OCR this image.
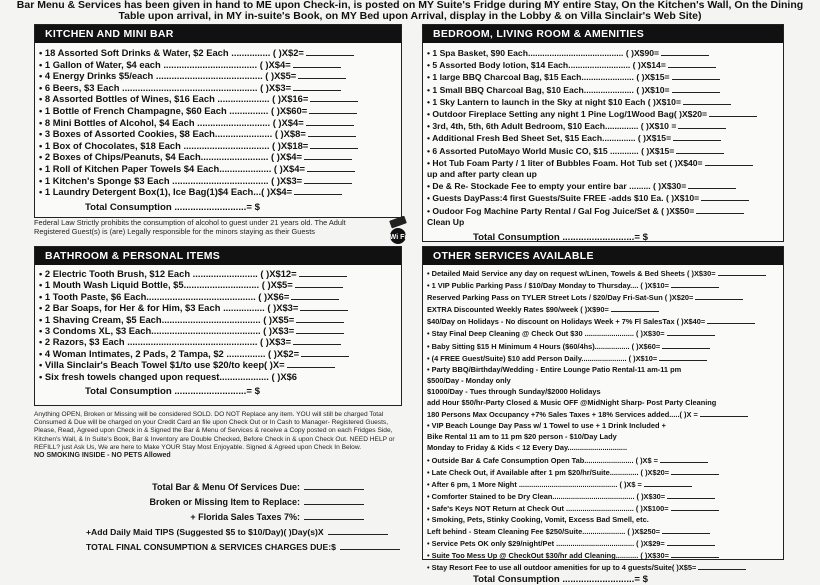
Bar Menu & Services has been given in hand to ME upon Check-in, is posted on MY Suite's Fridge during MY entire Stay, On the Kitchen's Wall, On the Dining
Table upon arrival, in MY in-suite's Book, on MY Bed upon Arrival, display in the Lobby & on Villa Sinclair's Web Site)
KITCHEN AND MINI BAR
• 18 Assorted Soft Drinks & Water, $2 Each ............... ( )X$2=
• 1 Gallon of Water, $4 each .................................... ( )X$4=
• 4 Energy Drinks $5/each ......................................... ( )X$5=
• 6 Beers, $3 Each .................................................... ( )X$3=
• 8 Assorted Bottles of Wines, $16 Each .................... ( )X$16=
• 1 Bottle of French Champagne, $60 Each ............... ( )X$60=
• 8 Mini Bottles of Alcohol, $4 Each ............................ ( )X$4=
• 3 Boxes of Assorted Cookies, $8 Each...................... ( )X$8=
• 1 Box of Chocolates, $18 Each ................................. ( )X$18=
• 2 Boxes of Chips/Peanuts, $4 Each.......................... ( )X$4=
• 1 Roll of Kitchen Paper Towels $4 Each.................... ( )X$4=
• 1 Kitchen's Sponge $3 Each ..................................... ( )X$3=
• 1 Laundry Detergent Box(1), Ice Bag(1)$4 Each...( )X$4=
Total Consumption ...........................= $
Federal Law Strictly prohibits the consumption of alcohol to guest under 21 years old. The Adult Registered Guest(s) is (are) Legally responsible for the minors staying as their Guests
Wi Fi
BATHROOM & PERSONAL ITEMS
• 2 Electric Tooth Brush, $12 Each ......................... ( )X$12=
• 1 Mouth Wash Liquid Bottle, $5............................. ( )X$5=
• 1 Tooth Paste, $6 Each.......................................... ( )X$6=
• 2 Bar Soaps, for Her & for Him, $3 Each ................ ( )X$3=
• 1 Shaving Cream, $5 Each...................................... ( )X$5=
• 3 Condoms XL, $3 Each.......................................... ( )X$3=
• 2 Razors, $3 Each .................................................. ( )X$3=
• 4 Woman Intimates, 2 Pads, 2 Tampa, $2 ............... ( )X$2=
• Villa Sinclair's Beach Towel $1/to use $20/to keep( )X=
• Six fresh towels changed upon request................... ( )X$6
Total Consumption ...........................= $
Anything OPEN, Broken or Missing will be considered SOLD. DO NOT Replace any item. YOU will still be charged Total Consumed & Due will be charged on your Credit Card an file upon Check Out or In Cash to Manager- Registered Guests, Please, Read, Agreed upon Check in & Signed the Bar & Menu of Services & receive a Copy posted on each Fridges Side, Kitchen's Wall, & In Suite's Book, Bar & Inventory are Double Checked, Before Check in & upon Check Out. NEED HELP or REFILL? just Ask Us, We are here to Make YOUR Stay Most Enjoyable. Signed & Agreed upon Check In Below.
NO SMOKING INSIDE - NO PETS Allowed
Total Bar & Menu Of Services Due:
Broken or Missing Item to Replace:
+ Florida Sales Taxes 7%:
+Add Daily Maid TIPS (Suggested $5 to $10/Day)( )Day(s)X
TOTAL FINAL CONSUMPTION & SERVICES CHARGES DUE:$
BEDROOM, LIVING ROOM & AMENITIES
• 1 Spa Basket, $90 Each........................................ ( )X$90=
• 5 Assorted Body lotion, $14 Each.......................... ( )X$14=
• 1 large BBQ Charcoal Bag, $15 Each...................... ( )X$15=
• 1 Small BBQ Charcoal Bag, $10 Each..................... ( )X$10=
• 1 Sky Lantern to launch in the Sky at night $10 Each ( )X$10=
• Outdoor Fireplace Setting any night 1 Pine Log/1Wood Bag( )X$20=
• 3rd, 4th, 5th, 6th Adult Bedroom, $10 Each.............. ( )X$10 =
• Additional Fresh Bed Sheet Set, $15 Each.............. ( )X$15=
• 6 Assorted PutoMayo World Music CO, $15 ............ ( )X$15=
• Hot Tub Foam Party / 1 liter of Bubbles Foam. Hot Tub set ( )X$40=
up and after party clean up
• De & Re- Stockade Fee to empty your entire bar ......... ( )X$30=
• Guests DayPass:4 first Guests/Suite FREE -adds $10 Ea. ( )X$10=
• Oudoor Fog Machine Party Rental / Gal Fog Juice/Set & ( )X$50=
Clean Up
Total Consumption ...........................= $
OTHER SERVICES AVAILABLE
• Detailed Maid Service any day on request w/Linen, Towels & Bed Sheets ( )X$30=
• 1 VIP Public Parking Pass / $10/Day Monday to Thursday.... ( )X$10=
Reserved Parking Pass on TYLER Street Lots / $20/Day Fri-Sat-Sun ( )X$20=
EXTRA Discounted Weekly Rates $90/week ( )X$90=
$40/Day on Holidays - No discount on Holidays Week + 7% Fl SalesTax ( )X$40=
• Stay Final Deep Cleaning @ Check Out $30 ........................ ( )X$30=
• Baby Sitting $15 H Minimum 4 Hours ($60/4hs)................. ( )X$60=
• (4 FREE Guest/Suite) $10 add Person Daily...................... ( )X$10=
• Party BBQ/Birthday/Wedding - Entire Lounge Patio Rental-11 am-11 pm
$500/Day - Monday only
$1000/Day - Tues through Sunday/$2000 Holidays
add Hour $50/hr-Party Closed & Music OFF @MidNight Sharp- Post Party Cleaning
180 Persons Max Occupancy +7% Sales Taxes + 18% Services added.....( )X =
• VIP Beach Lounge Day Pass w/ 1 Towel to use + 1 Drink Included +
Bike Rental 11 am to 11 pm $20 person - $10/Day Lady
Monday to Friday & Kids < 12 Every Day.............................
• Outside Bar & Cafe Consumption Open Tab........................ ( )X$ =
• Late Check Out, if Available after 1 pm $20/hr/Suite.............. ( )X$20=
• After 6 pm, 1 More Night ................................................ ( )X$ =
• Comforter Stained to be Dry Clean........................................ ( )X$30=
• Safe's Keys NOT Return at Check Out ................................. ( )X$100=
• Smoking, Pets, Stinky Cooking, Vomit, Excess Bad Smell, etc.
Left behind - Steam Cleaning Fee $250/Suite..................... ( )X$250=
• Service Pets OK only $29/night/Pet ...................................... ( )X$29=
• Suite Too Mess Up @ CheckOut $30/hr add Cleaning........... ( )X$30=
• Stay Resort Fee to use all outdoor amenities for up to 4 guests/Suite( )X$5=
Total Consumption ...........................= $
